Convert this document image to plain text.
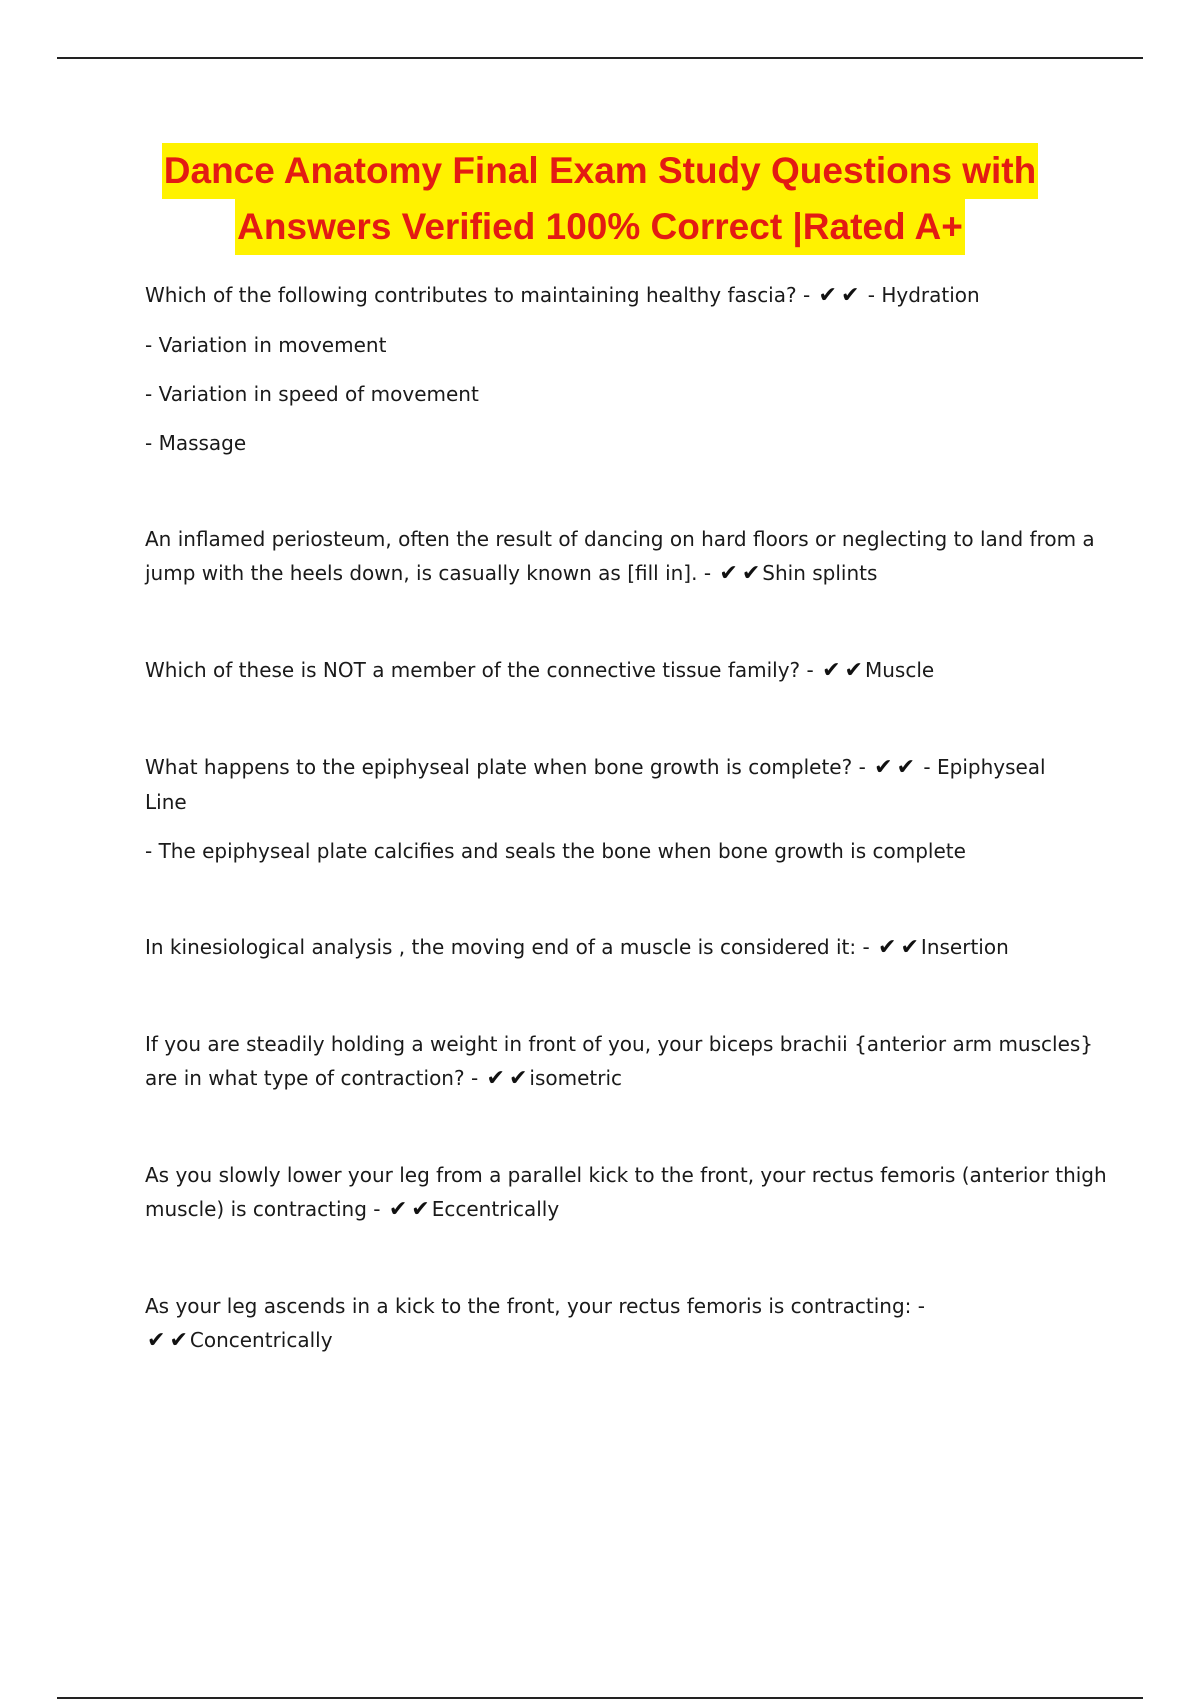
Dance Anatomy Final Exam Study Questions with
Answers Verified 100% Correct |Rated A+
Which of the following contributes to maintaining healthy fascia? - ✔ ✔ - Hydration
- Variation in movement
- Variation in speed of movement
- Massage
An inflamed periosteum, often the result of dancing on hard floors or neglecting to land from a
jump with the heels down, is casually known as [fill in]. - ✔ ✔ Shin splints
Which of these is NOT a member of the connective tissue family? - ✔ ✔ Muscle
What happens to the epiphyseal plate when bone growth is complete? - ✔ ✔ - Epiphyseal
Line
- The epiphyseal plate calcifies and seals the bone when bone growth is complete
In kinesiological analysis , the moving end of a muscle is considered it: - ✔ ✔ Insertion
If you are steadily holding a weight in front of you, your biceps brachii {anterior arm muscles}
are in what type of contraction? - ✔ ✔ isometric
As you slowly lower your leg from a parallel kick to the front, your rectus femoris (anterior thigh
muscle) is contracting - ✔ ✔ Eccentrically
As your leg ascends in a kick to the front, your rectus femoris is contracting: -
✔ ✔ Concentrically
